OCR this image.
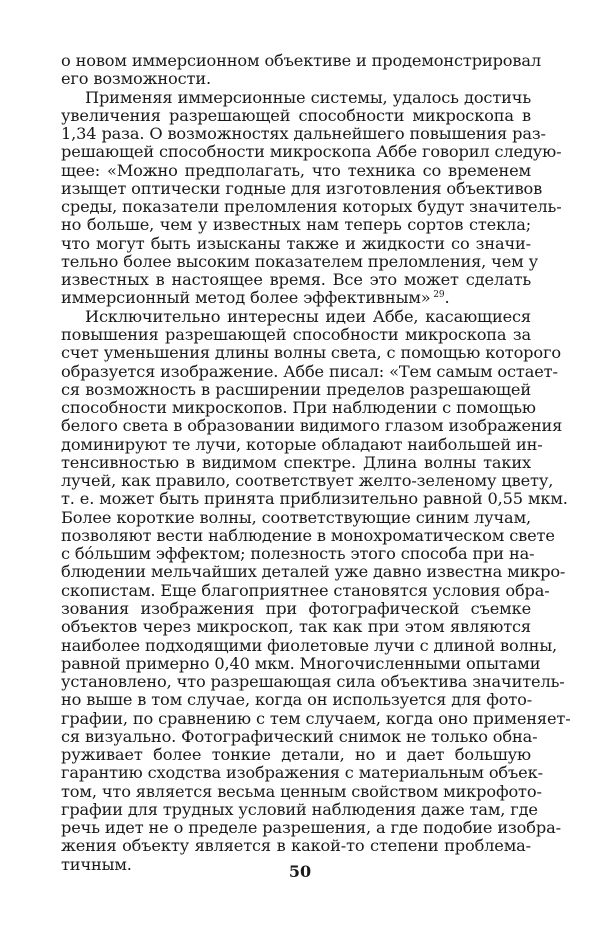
о новом иммерсионном объективе и продемонстрировал
его возможности.
Применяя иммерсионные системы, удалось достичь
увеличения разрешающей способности микроскопа в
1,34 раза. О возможностях дальнейшего повышения раз-
решающей способности микроскопа Аббе говорил следую-
щее: «Можно предполагать, что техника со временем
изыщет оптически годные для изготовления объективов
среды, показатели преломления которых будут значитель-
но больше, чем у известных нам теперь сортов стекла;
что могут быть изысканы также и жидкости со значи-
тельно более высоким показателем преломления, чем у
известных в настоящее время. Все это может сделать
иммерсионный метод более эффективным» $^{29}$.
Исключительно интересны идеи Аббе, касающиеся
повышения разрешающей способности микроскопа за
счет уменьшения длины волны света, с помощью которого
образуется изображение. Аббе писал: «Тем самым остает-
ся возможность в расширении пределов разрешающей
способности микроскопов. При наблюдении с помощью
белого света в образовании видимого глазом изображения
доминируют те лучи, которые обладают наибольшей ин-
тенсивностью в видимом спектре. Длина волны таких
лучей, как правило, соответствует желто-зеленому цвету,
т. е. может быть принята приблизительно равной 0,55 мкм.
Более короткие волны, соответствующие синим лучам,
позволяют вести наблюдение в монохроматическом свете
с бо́льшим эффектом; полезность этого способа при на-
блюдении мельчайших деталей уже давно известна микро-
скопистам. Еще благоприятнее становятся условия обра-
зования изображения при фотографической съемке
объектов через микроскоп, так как при этом являются
наиболее подходящими фиолетовые лучи с длиной волны,
равной примерно 0,40 мкм. Многочисленными опытами
установлено, что разрешающая сила объектива значитель-
но выше в том случае, когда он используется для фото-
графии, по сравнению с тем случаем, когда оно применяет-
ся визуально. Фотографический снимок не только обна-
руживает более тонкие детали, но и дает большую
гарантию сходства изображения с материальным объек-
том, что является весьма ценным свойством микрофото-
графии для трудных условий наблюдения даже там, где
речь идет не о пределе разрешения, а где подобие изобра-
жения объекту является в какой-то степени проблема-
тичным.	50
